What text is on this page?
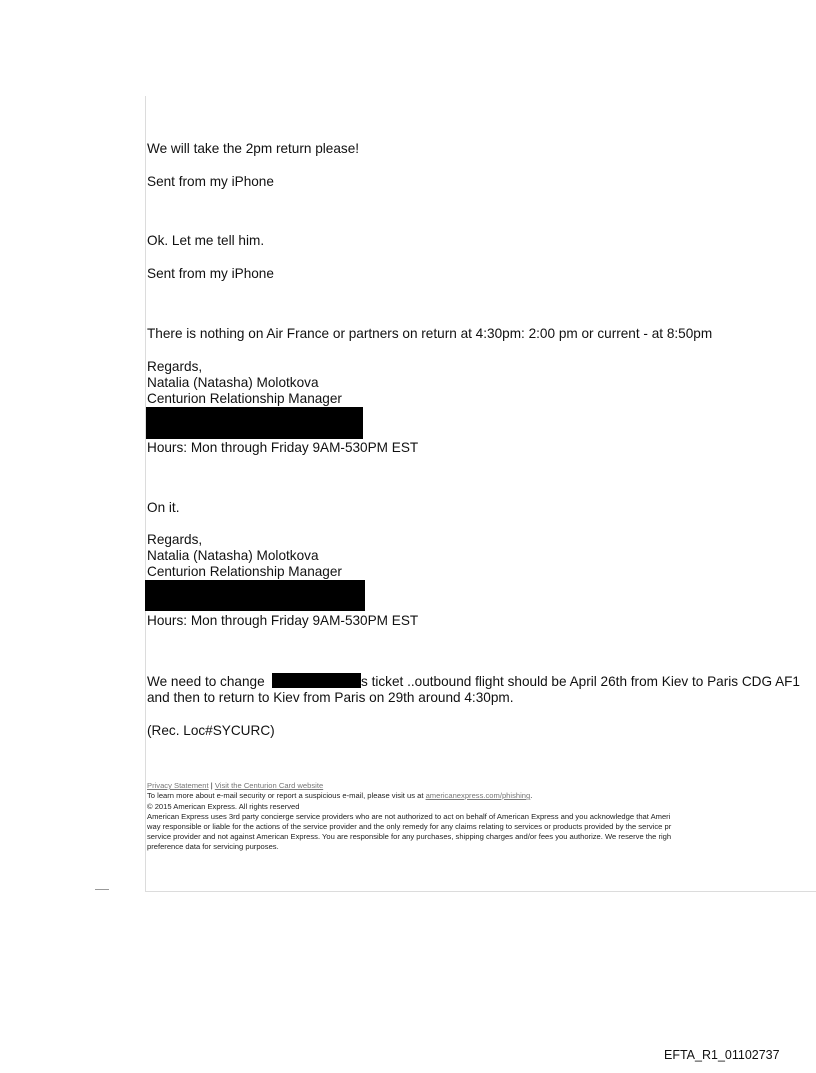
We will take the 2pm return please!
Sent from my iPhone
Ok. Let me tell him.
Sent from my iPhone
There is nothing on Air France or partners on return at 4:30pm: 2:00 pm or current - at 8:50pm
Regards,
Natalia (Natasha) Molotkova
Centurion Relationship Manager
Hours: Mon through Friday 9AM-530PM EST
On it.
Regards,
Natalia (Natasha) Molotkova
Centurion Relationship Manager
Hours: Mon through Friday 9AM-530PM EST
We need to change	s ticket ..outbound flight should be April 26th from Kiev to Paris CDG AF1
and then to return to Kiev from Paris on 29th around 4:30pm.
(Rec. Loc#SYCURC)
Privacy Statement | Visit the Centurion Card website
To learn more about e-mail security or report a suspicious e-mail, please visit us at americanexpress.com/phishing.
© 2015 American Express. All rights reserved
American Express uses 3rd party concierge service providers who are not authorized to act on behalf of American Express and you acknowledge that Ameri
way responsible or liable for the actions of the service provider and the only remedy for any claims relating to services or products provided by the service pr
service provider and not against American Express. You are responsible for any purchases, shipping charges and/or fees you authorize. We reserve the righ
preference data for servicing purposes.
EFTA_R1_01102737
